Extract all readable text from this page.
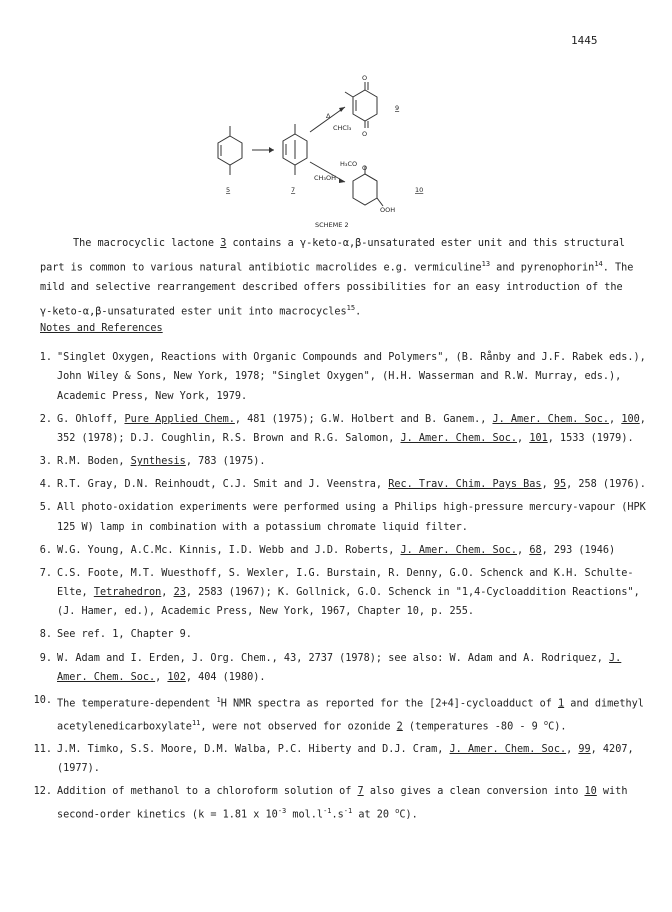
1445
5	7
9
10
Δ
CHCl₃
CH₃OH
O
O
H₃CO O
OOH
SCHEME 2

The macrocyclic lactone 3 contains a γ-keto-α,β-unsaturated ester unit and this structural part is common to various natural antibiotic macrolides e.g. vermiculine$^{13}$ and pyrenophorin$^{14}$. The mild and selective rearrangement described offers possibilities for an easy introduction of the γ-keto-α,β-unsaturated ester unit into macrocycles$^{15}$.

Notes and References
1. "Singlet Oxygen, Reactions with Organic Compounds and Polymers", (B. Rånby and J.F. Rabek eds.), John Wiley & Sons, New York, 1978; "Singlet Oxygen", (H.H. Wasserman and R.W. Murray, eds.), Academic Press, New York, 1979.
2. G. Ohloff, Pure Applied Chem., 481 (1975); G.W. Holbert and B. Ganem., J. Amer. Chem. Soc., 100, 352 (1978); D.J. Coughlin, R.S. Brown and R.G. Salomon, J. Amer. Chem. Soc., 101, 1533 (1979).
3. R.M. Boden, Synthesis, 783 (1975).
4. R.T. Gray, D.N. Reinhoudt, C.J. Smit and J. Veenstra, Rec. Trav. Chim. Pays Bas, 95, 258 (1976).
5. All photo-oxidation experiments were performed using a Philips high-pressure mercury-vapour (HPK 125 W) lamp in combination with a potassium chromate liquid filter.
6. W.G. Young, A.C.Mc. Kinnis, I.D. Webb and J.D. Roberts, J. Amer. Chem. Soc., 68, 293 (1946)
7. C.S. Foote, M.T. Wuesthoff, S. Wexler, I.G. Burstain, R. Denny, G.O. Schenck and K.H. Schulte-Elte, Tetrahedron, 23, 2583 (1967); K. Gollnick, G.O. Schenck in "1,4-Cycloaddition Reactions", (J. Hamer, ed.), Academic Press, New York, 1967, Chapter 10, p. 255.
8. See ref. 1, Chapter 9.
9. W. Adam and I. Erden, J. Org. Chem., 43, 2737 (1978); see also: W. Adam and A. Rodriquez, J. Amer. Chem. Soc., 102, 404 (1980).
10. The temperature-dependent $^1$H NMR spectra as reported for the [2+4]-cycloadduct of 1 and dimethyl acetylenedicarboxylate$^{11}$, were not observed for ozonide 2 (temperatures -80 - 9 $^o$C).
11. J.M. Timko, S.S. Moore, D.M. Walba, P.C. Hiberty and D.J. Cram, J. Amer. Chem. Soc., 99, 4207, (1977).
12. Addition of methanol to a chloroform solution of 7 also gives a clean conversion into 10 with second-order kinetics (k = 1.81 x $10^{-3}$ $mol.l^{-1}.s^{-1}$ at 20 $^o$C).
